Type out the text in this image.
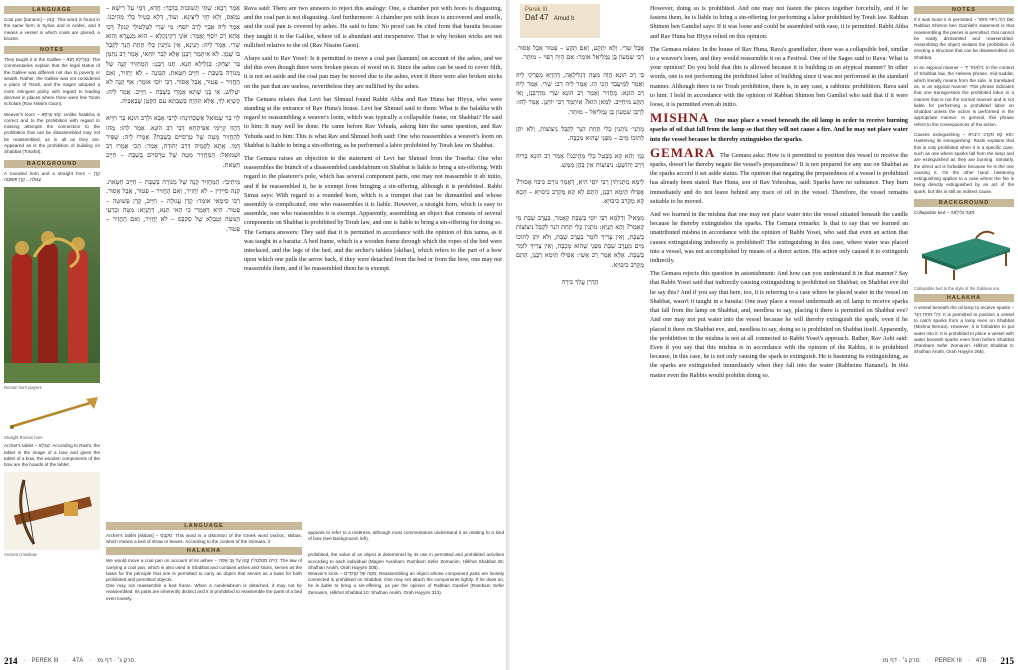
LANGUAGE
Coal pan [kanunn] – קָנוּן: This word is found in the same form in Syriac and in Arabic, and it means a vessel in which coals are placed, a brazier.
NOTES
They taught it in the Galilee – בְּגָלִילָא תְנָא: The commentaries explain that the legal status of the Galilee was different not due to poverty or wealth. Rather, the Galilee was not considered a place of Torah, and the Sages adopted a more stringent policy with regard to leading decrees in places where there were few Torah scholars (Rav Nissim Gaon).
Weaver's loom – קַשׁ עַרְסָא: Unlike halakha is correct and to the prohibition with regard to missing attempts the connection to the prohibition that can be disassembled may not be reassembled, as in all as they are. Appeared as is the prohibition of building on Shabbat (Tosafot).
BACKGROUND
A rounded horn and a straight horn – קֶרֶן עֲגוּלָה... קֶרֶן פְּשׁוּטָה
Roman horn players
Straight Roman horn
Archer's tablet – טַבְלָא: According to Rashi, the tablet is the image of a bow and gives the tablet of a bow, the wooden components of the bow are the boards of the tablet.
Ancient crossbow
אָמַר רָבָא: שְׁתֵּי תְשׁוּבוֹת בַּדָּבָר: חֲדָא, דְּמֵי עַל רֵישָׁא – נִמְאָס, וְלָא חָזֵי לִיצִּיגְּא. וְעוֹד, דְּלָא בָּטֵיל כְּלִי מֵהֵיכָנוֹ. אָמַר לֵיהּ אַבָּיֵי לְרַב יוֹסֵף: מִי שְׁרִי לְטַלְטוּלֵי קָנוּן? דְּכִי אֲתָא רַב יוֹסֵף וְאָמַר: אוֹנֵי דְקֵינְקְלָא – הוּא מְנַעֲרָא וְהוּא שְׁרִי. אָמַר לֵיהּ: תְּנֵינָא, אֵין נוֹתְנִין כְּלִי תַּחַת הַנֵּר לְקַבֵּל בּוֹ שֶׁמֶן. לֹא אִיתְּמַר רַבָּנָן אֶלָּא לְבַר יוֹחָאי, אָמַר רַב נַחְמָן בַּר יִצְחָק: בִּגְלִילָא תְנָא. תָּנוּ רַבָּנַן: הַמְּחַזִּיר קָנֶה שֶׁל מְנוֹרָה בְּשַׁבָּת – חַיָּיב חַטָּאת. הַבּוֹנֶה – לֹא יָחֵזִיר, וְאִם הֶחֱזִיר – פָּטוּר, אֲבָל אָסוּר. רַבִּי יוֹסֵי אוֹמֵר: אַף קָנֶה לֹא יִטְלוֹשׁ. אִי בָּנֵי שְׁתָּא אָמְרִי בְּשַׁבָּת – חַיָּיב. אֲמַר לֵיהּ: קַשְׁיָא לָךְ, אֶלָּא תִּהְיֶה בְּשִׁבְתָּא עִם הַקָּטֵן שֶׁבְּאַבִּיהּ.
לֵוִי בַּר שְׁמוּאֵל אַשְׁכַּחִינְהוּ לְרַבִּי אַבָּא וּלְרַב הוּנָא בַּר חִיָּיא דַּהֲווּ קָיְימִי אַפִּיתְחָא דְּבֵי רַב הוּנָא. אָמַר לְהוּ: מַהוּ לְהַחֲזִיר מְטָה שֶׁל טְרָסִיִּים בְּשַׁבָּת? אָמְרוּ לֵיהּ: שַׁפִּיר דָּמֵי. אֲתָא לְקַמֵּיהּ דְּרַב יְהוּדָה, אָמַר: הָכִי אָמְרוּ רַב וּשְׁמוּאֵל: הַמַּחֲזִיר מְטָה שֶׁל טְרָסִיִּים בְּשַׁבָּת – חַיָּיב חַטָּאת.
מֵיתִיבֵי: הַמַּחֲזִיר קָנֶה שֶׁל מְנוֹרָה בְּשַׁבָּת – חַיָּיב חַטָּאת. קְנֵה סִיָּידִין – לֹא יַחֲזִיר, וְאִם הֶחֱזִיר – פָּטוּר, אֲבָל אָסוּר. רַבִּי סִימַאי אוֹמֵר: קֶרֶן עֲגוּלָה – חַיָּיב, קֶרֶן פְּשׁוּטָה – פָּטוּר. הִיא דְּאָמְרִי כִּי הַאי תַּנָּא, דְּתַנְיָא: מִטָּה וּכַרְעֵי הַמִּטָּה וְטַבְלָא שֶׁל סְקִבָּס – לֹא יַחֲזִיר, וְאִם הֶחֱזִיר – פָּטוּר.
Rava said: There are two answers to reject this analogy: One, a chamber pot with feces is disgusting, and the coal pan is not disgusting. And furthermore: A chamber pot with feces is uncovered and smells, and the coal pan is covered by ashes. He said to him: No proof can be cited from that baraita because they taught it in the Galilee, where oil is abundant and inexpensive. That is why broken wicks are not nullified relative to the oil (Rav Nissim Gaon).
Abaye said to Rav Yosef: Is it permitted to move a coal pan [kanunn] on account of the ashes, and we did this even though there were broken pieces of wood on it. Since the ashes can be used to cover filth, it is not set aside and the coal pan may be moved due to the ashes, even if there were also broken sticks on the pan that are useless, nevertheless they are nullified by the ashes.
The Gemara relates that Levi bar Shmuel found Rabbi Abba and Rav Huna bar Hiyya, who were standing at the entrance of Rav Huna's house. Levi bar Shmuel said to them: What is the halakha with regard to reassembling a weaver's loom, which was typically a collapsible frame, on Shabbat? He said to him: It may well be done. He came before Rav Yehuda, asking him the same question, and Rav Yehuda said to him: This is what Rav and Shmuel both said: One who reassembles a weaver's loom on Shabbat is liable to bring a sin-offering, as he performed a labor prohibited by Torah law on Shabbat.
The Gemara raises an objection to the statement of Levi bar Shmuel from the Tosefta: One who reassembles the branch of a disassembled candelabrum on Shabbat is liable to bring a sin-offering. With regard to the plasterer's pole, which has several component parts, one may not reassemble it ab initio, and if he reassembled it, he is exempt from bringing a sin-offering, although it is prohibited. Rabbi Simai says: With regard to a rounded horn, which is a trumpet that can be dismantled and whose assembly is complicated, one who reassembles it is liable. However, a straight horn, which is easy to assemble, one who reassembles it is exempt. Apparently, assembling an object that consists of several components on Shabbat is prohibited by Torah law, and one is liable to bring a sin-offering for doing so. The Gemara answers: They said that it is permitted in accordance with the opinion of this tanna, as it was taught in a baraita: A bed frame, which is a wooden frame through which the ropes of the bed were interlaced, and the legs of the bed, and the archer's tablets [skibas], which refers to the part of a bow upon which one pulls the arrow back, if they were detached from the bed or from the bow, one may not reassemble them, and if he reassembled them he is exempt.
LANGUAGE
Archer's tablet [skibas] – סְקִבָּס: This word is a distortion of the Greek word σκεῦος, skibas, which means a bed of straw or leaves. According to the context of the Gemara, it
HALAKHA
We would move a coal pan on account of its ashes – הָיִינוּ מְטַלְטְלִין קָנוּן עַל גַּב אֶפְרוֹ: The law of carrying a coal pan, which is also used in Shabbat and contains ashes and sticks, serves as the basis for the principle that one is permitted to carry an object that serves as a base for both prohibited and permitted objects.
One may not reassemble a bed frame. When a candelabrum is detached, it may not be reassembled. Its parts are inherently distinct and it is prohibited to reassemble the parts of a bed even loosely.
appears to refer to a mattress, although most commentators understand it as relating to a kind of bow (see Background, left).
prohibited, the value of an object is determined by its use in permitted and prohibited activities according to each individual (Magen Avraham; Rambam Sefer Zemanim, Hilkhot Shabbat 26; Shulhan Arukh, Orah Hayyim 308).
Weaver's loom – מִטָּה שֶׁל טְרָסִיִּים: Reassembling an object whose component parts are loosely connected is prohibited on Shabbat. One may not attach the components tightly. If he does so, he is liable to bring a sin-offering, as per the opinion of Rabban Gamliel (Rambam Sefer Zemanim, Hilkhot Shabbat 10; Shulhan Arukh, Orah Hayyim 313).
214 · PEREK III · 47A · פרק ג׳ · דף מז.
Perek III
Daf 47 Amud b
אֲבָל שָׁרֵי. וְלָא יִתְקַע, וְאִם תָּקַע – פָּטוּר אֲבָל אָסוּר. רַבִּי שִׁמְעוֹן בֶּן גַּמְלִיאֵל אוֹמֵר: אִם הָיָה רָפוּי – מוּתָּר.
בֵּי רַב הוּנָא הֲוָה מִטָּה דְּגָלִילָאָה, דְּהַוְיָא מְפָרְקִי לֵיהּ וְאָמַר לְמֵיעֲבַד הָכִי הָוּ. אָמַר לֵיהּ רַב: שָׁרֵי. אָמַר לֵיהּ רַב הוּנָא: מַחֲזִיר וְאָמַר רַב הוּנָא שָׁרֵי מִדְּרַבָּנָן, וְאִי תָּקַע מִיחַיַּיב. לְמַאן הוּא? אִיתְּמַר רַבִּי יוֹחָנָן. אָמַר לְהוּ: לְרַבָּן שִׁמְעוֹן בֶּן גַּמְלִיאֵל – מוּתָּר.
מַתְנִי׳ נוֹתְנִין כְּלִי תַּחַת הַנֵּר לְקַבֵּל נִיצוֹצוֹת, וְלֹא יִתֵּן לְתוֹכוֹ מַיִם – מִפְּנֵי שֶׁהוּא מְכַבֶּה.
גְּמָ׳ וְהָא קָא מְבַטֵּל כְּלִי מֵהֵיכָנוֹ! אָמַר רַב הוּנָא בְּרֵיהּ דְּרַב יְהוֹשֻׁעַ: נִיצוֹצוֹת אֵין בָּהֶן מַמָּשׁ.
לֵימָא מַתְנִיתִין רַבִּי יוֹסֵי הִיא, דְּאָמַר גּוֹרֵם כִּיבּוּי אָסוּר? אֲפִילּוּ תֵּימָא רַבָּנַן, הָתָם לָא קָא מְקָרֵב כִּיבּוּיָא – הָכָא קָא מְקָרֵב כִּיבּוּיָא.
מִמַּאי? וְדִלְמָא רַבִּי יוֹסֵי בְּשַׁבָּת קָאָמַר, בְּעֶרֶב שַׁבָּת מִי קָאָמַר? וְהָא תַּנְיָא: נוֹתְנִין כְּלִי תַּחַת הַנֵּר לְקַבֵּל נִיצוֹצוֹת בְּשַׁבָּת, וְאֵין צָרִיךְ לוֹמַר בְּעֶרֶב שַׁבָּת, וְלֹא יִתֵּן לְתוֹכוֹ מַיִם מֵעֶרֶב שַׁבָּת מִפְּנֵי שֶׁהוּא מְכַבֶּה, וְאֵין צָרִיךְ לוֹמַר בְּשַׁבָּת. אֶלָּא אָמַר רַב אָשֵׁי: אֲפִילּוּ תֵּימָא רַבָּנַן, הָתָם מְקָרֵב כִּיבּוּיָא.
הֲדַרַן עֲלָךְ כִּירָה
However, doing so is prohibited. And one may not fasten the pieces together forcefully, and if he fastens them, he is liable to bring a sin-offering for performing a labor prohibited by Torah law. Rabban Shimon ben Gamliel says: If it was loose and could be assembled with ease, it is permitted. Rabbi Abba and Rav Huna bar Hiyya relied on this opinion.
The Gemara relates: In the house of Rav Huna, Rava's grandfather, there was a collapsible bed, similar to a weaver's loom, and they would reassemble it on a Festival. One of the Sages said to Rava: What is your opinion? Do you hold that this is allowed because it is building in an atypical manner? In other words, one is not performing the prohibited labor of building since it was not performed in the standard manner. Although there is no Torah prohibition, there is, in any case, a rabbinic prohibition. Rava said to him: I hold in accordance with the opinion of Rabban Shimon ben Gamliel who said that if it were loose, it is permitted even ab initio.
MISHNA One may place a vessel beneath the oil lamp in order to receive burning sparks of oil that fall from the lamp so that they will not cause a fire. And he may not place water into the vessel because he thereby extinguishes the sparks.
GEMARA The Gemara asks: How is it permitted to position this vessel to receive the sparks, doesn't he thereby negate the vessel's preparedness? It is not prepared for any use on Shabbat as the sparks accord it set aside status. The opinion that negating the preparedness of a vessel is prohibited has already been stated. Rav Huna, son of Rav Yehoshua, said: Sparks have no substance. They burn immediately and do not leave behind any trace of oil in the vessel. Therefore, the vessel remains suitable to be moved.
And we learned in the mishna that one may not place water into the vessel situated beneath the candle because he thereby extinguishes the sparks. The Gemara remarks: Is that to say that we learned an unattributed mishna in accordance with the opinion of Rabbi Yosei, who said that even an action that causes extinguishing indirectly is prohibited? The extinguishing in this case, where water was placed into a vessel, was not accomplished by means of a direct action. His action only caused it to extinguish indirectly.
The Gemara rejects this question in astonishment: And how can you understand it in that manner? Say that Rabbi Yosei said that indirectly causing extinguishing is prohibited on Shabbat; on Shabbat eve did he say this? And if you say that here, too, it is referring to a case where he placed water in the vessel on Shabbat, wasn't it taught in a baraita: One may place a vessel underneath an oil lamp to receive sparks that fall from the lamp on Shabbat, and, needless to say, placing it there is permitted on Shabbat eve? And one may not put water into the vessel because he will thereby extinguish the spark, even if he placed it there on Shabbat eve, and, needless to say, doing so is prohibited on Shabbat itself. Apparently, the prohibition in the mishna is not at all connected to Rabbi Yosei's approach. Rather, Rav Ashi said: Even if you say that this mishna is in accordance with the opinion of the Rabbis, it is prohibited because, in this case, he is not only causing the spark to extinguish. He is hastening its extinguishing, as the sparks are extinguished immediately when they fall into the water (Rabbeinu Hananel). In this matter even the Rabbis would prohibit doing so.
NOTES
If it was loose it is permitted – אִם הָיָה רָפוּי מוּתָּר: Rabban Shimon ben Gamliel's statement is that reassembling the pieces is permitted, that cannot be easily dismantled and reassembled. Assembling the object violates the prohibition of erecting a structure that can be disassembled on Shabbat.
In an atypical manner – כִּלְאַחַר יָד: In the context of Shabbat law, the Hebrew phrase, mid-naddat, which literally means from the side, is translated as, in an atypical manner. This phrase indicates that one transgresses the prohibited labor in a manner that is not the normal manner and is not liable for performing a prohibited labor on Shabbat unless the action is performed in the appropriate manner. In general, this phrase refers to the consequences of the action.
Causes extinguishing – הוא קא מקרב כיבויא: Hastening its extinguishing: Rashi explains that this is only prohibited when it is a specific case, such as one where sparks fall from the lamp and are extinguished as they are burning. Similarly, the direct act is forbidden because he is the one causing it. On the other hand, hastening extinguishing applies to a case where the fire is being directly extinguished by an act of the spark, but this is still an indirect cause.
BACKGROUND
Collapsible bed – מִטָּה גְלִילָאָה
Collapsible bed in the style of the Galilean era
HALAKHA
A vessel beneath the oil lamp to receive sparks – כְּלִי תַּחַת הַנֵּר: It is permitted to position a vessel to catch sparks from a lamp even on Shabbat (Mishna Berura). However, it is forbidden to put water into it. It is prohibited to place a vessel with water beneath sparks even from before Shabbat (Rambam Sefer Zemanim, Hilkhot Shabbat 5; Shulhan Arukh, Orah Hayyim 265).
פרק ג׳ · דף מז: · PEREK III · 47B · 215
